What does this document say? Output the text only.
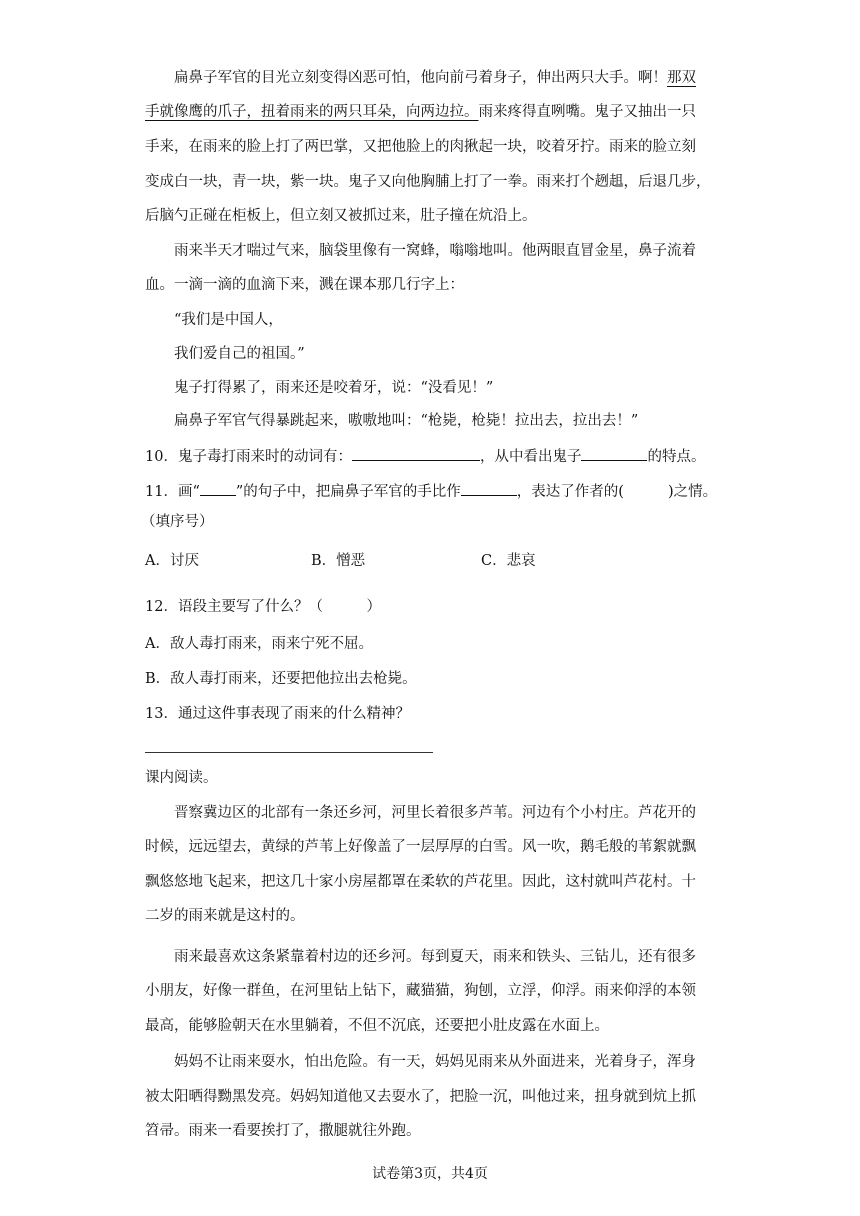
扁鼻子军官的目光立刻变得凶恶可怕，他向前弓着身子，伸出两只大手。啊！那双
手就像鹰的爪子，扭着雨来的两只耳朵，向两边拉。雨来疼得直咧嘴。鬼子又抽出一只
手来，在雨来的脸上打了两巴掌，又把他脸上的肉揪起一块，咬着牙拧。雨来的脸立刻
变成白一块，青一块，紫一块。鬼子又向他胸脯上打了一拳。雨来打个趔趄，后退几步，
后脑勺正碰在柜板上，但立刻又被抓过来，肚子撞在炕沿上。
雨来半天才喘过气来，脑袋里像有一窝蜂，嗡嗡地叫。他两眼直冒金星，鼻子流着
血。一滴一滴的血滴下来，溅在课本那几行字上：
“我们是中国人，
我们爱自己的祖国。”
鬼子打得累了，雨来还是咬着牙，说：“没看见！”
扁鼻子军官气得暴跳起来，嗷嗷地叫：“枪毙，枪毙！拉出去，拉出去！”
10．鬼子毒打雨来时的动词有：	，从中看出鬼子	的特点。
11．画“ ”的句子中，把扁鼻子军官的手比作	，表达了作者的(	)之情。
（填序号）
A．讨厌	B．憎恶	C．悲哀
12．语段主要写了什么？（　　　）
A．敌人毒打雨来，雨来宁死不屈。
B．敌人毒打雨来，还要把他拉出去枪毙。
13．通过这件事表现了雨来的什么精神？
课内阅读。
晋察冀边区的北部有一条还乡河，河里长着很多芦苇。河边有个小村庄。芦花开的
时候，远远望去，黄绿的芦苇上好像盖了一层厚厚的白雪。风一吹，鹅毛般的苇絮就飘
飘悠悠地飞起来，把这几十家小房屋都罩在柔软的芦花里。因此，这村就叫芦花村。十
二岁的雨来就是这村的。
雨来最喜欢这条紧靠着村边的还乡河。每到夏天，雨来和铁头、三钻儿，还有很多
小朋友，好像一群鱼，在河里钻上钻下，藏猫猫，狗刨，立浮，仰浮。雨来仰浮的本领
最高，能够脸朝天在水里躺着，不但不沉底，还要把小肚皮露在水面上。
妈妈不让雨来耍水，怕出危险。有一天，妈妈见雨来从外面进来，光着身子，浑身
被太阳晒得黝黑发亮。妈妈知道他又去耍水了，把脸一沉，叫他过来，扭身就到炕上抓
笤帚。雨来一看要挨打了，撒腿就往外跑。
试卷第3页，共4页
